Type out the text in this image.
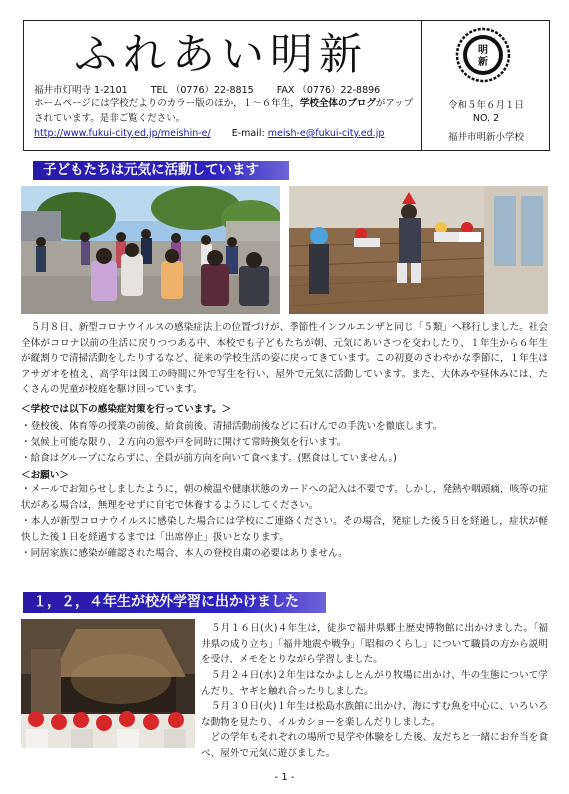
ふれあい明新
福井市灯明寺 1-2101 TEL （0776）22-8815 FAX （0776）22-8896
ホームページには学校だよりのカラー版のほか，１～６年生，学校全体のブログがアップされています。是非ご覧ください。
http://www.fukui-city.ed.jp/meishin-e/ E-mail: meish-e@fukui-city.ed.jp
明
新
令和５年６月１日
NO. 2
福井市明新小学校
子どもたちは元気に活動しています
　５月８日、新型コロナウイルスの感染症法上の位置づけが、季節性インフルエンザと同じ「５類」へ移行しました。社会全体がコロナ以前の生活に戻りつつある中、本校でも子どもたちが朝、元気にあいさつを交わしたり、１年生から６年生が縦割りで清掃活動をしたりするなど、従来の学校生活の姿に戻ってきています。この初夏のさわやかな季節に，１年生はアサガオを植え、高学年は図工の時間に外で写生を行い、屋外で元気に活動しています。また、大休みや昼休みには、たくさんの児童が校庭を駆け回っています。
＜学校では以下の感染症対策を行っています。＞
・登校後、体育等の授業の前後、給食前後、清掃活動前後などに石けんでの手洗いを徹底します。
・気候上可能な限り、２方向の窓や戸を同時に開けて常時換気を行います。
・給食はグループにならずに、全員が前方向を向いて食べます。(黙食はしていません。)
＜お願い＞
・メールでお知らせしましたように，朝の検温や健康状態のカードへの記入は不要です。しかし，発熱や咽頭痛，咳等の症状がある場合は，無理をせずに自宅で休養するようにしてください。
・本人が新型コロナウイルスに感染した場合には学校にご連絡ください。その場合，発症した後５日を経過し，症状が軽快した後１日を経過するまでは「出席停止」扱いとなります。
・同居家族に感染が確認された場合、本人の登校自粛の必要はありません。
１，２，４年生が校外学習に出かけました
　５月１６日(火)４年生は，徒歩で福井県郷土歴史博物館に出かけました。「福井県の成り立ち」「福井地震や戦争」「昭和のくらし」について職員の方から説明を受け、メモをとりながら学習しました。
　５月２４日(水)２年生はなかよしとんがり牧場に出かけ、牛の生態について学んだり、ヤギと触れ合ったりしました。
　５月３０日(火)１年生は松島水族館に出かけ、海にすむ魚を中心に、いろいろな動物を見たり、イルカショーを楽しんだりしました。
　どの学年もそれぞれの場所で見学や体験をした後、友だちと一緒にお弁当を食べ、屋外で元気に遊びました。
- 1 -
